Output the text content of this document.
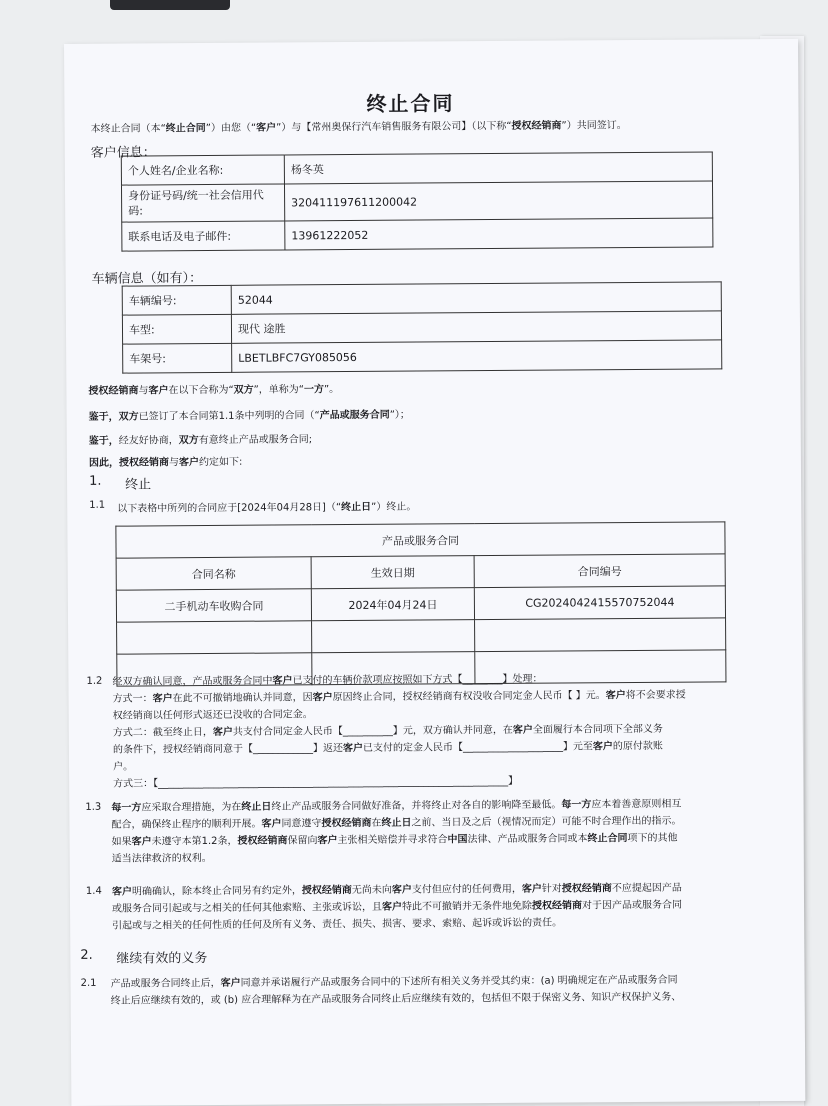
终止合同
本终止合同（本“终止合同”）由您（“客户”）与【常州奥保行汽车销售服务有限公司】（以下称“授权经销商”）共同签订。
客户信息：
个人姓名/企业名称:	杨冬英
身份证号码/统一社会信用代码:	320411197611200042
联系电话及电子邮件:	13961222052
车辆信息（如有）：
车辆编号:	52044
车型:	现代 途胜
车架号:	LBETLBFC7GY085056
授权经销商与客户在以下合称为“双方”，单称为“一方”。
鉴于，双方已签订了本合同第1.1条中列明的合同（“产品或服务合同”）；
鉴于，经友好协商，双方有意终止产品或服务合同;
因此，授权经销商与客户约定如下:
1. 终止
1.1 以下表格中所列的合同应于[2024年04月28日]（“终止日”）终止。
产品或服务合同		
合同名称	生效日期	合同编号
二手机动车收购合同	2024年04月24日	CG2024042415570752044

1.2 经双方确认同意，产品或服务合同中客户已支付的车辆价款项应按照如下方式【________】处理：
方式一：客户在此不可撤销地确认并同意，因客户原因终止合同，授权经销商有权没收合同定金人民币【 】元。客户将不会要求授
权经销商以任何形式返还已没收的合同定金。
方式二：截至终止日，客户共支付合同定金人民币【__________】元，双方确认并同意，在客户全面履行本合同项下全部义务
的条件下，授权经销商同意于【____________】返还客户已支付的定金人民币【____________________】元至客户的原付款账
户。
方式三：【______________________________________________________________________】
1.3 每一方应采取合理措施，为在终止日终止产品或服务合同做好准备，并将终止对各自的影响降至最低。每一方应本着善意原则相互
配合，确保终止程序的顺利开展。客户同意遵守授权经销商在终止日之前、当日及之后（视情况而定）可能不时合理作出的指示。
如果客户未遵守本第1.2条，授权经销商保留向客户主张相关赔偿并寻求符合中国法律、产品或服务合同或本终止合同项下的其他
适当法律救济的权利。
1.4 客户明确确认，除本终止合同另有约定外，授权经销商无尚未向客户支付但应付的任何费用，客户针对授权经销商不应提起因产品
或服务合同引起或与之相关的任何其他索赔、主张或诉讼，且客户特此不可撤销并无条件地免除授权经销商对于因产品或服务合同
引起或与之相关的任何性质的任何及所有义务、责任、损失、损害、要求、索赔、起诉或诉讼的责任。
2. 继续有效的义务
2.1 产品或服务合同终止后，客户同意并承诺履行产品或服务合同中的下述所有相关义务并受其约束：(a) 明确规定在产品或服务合同
终止后应继续有效的，或 (b) 应合理解释为在产品或服务合同终止后应继续有效的，包括但不限于保密义务、知识产权保护义务、
